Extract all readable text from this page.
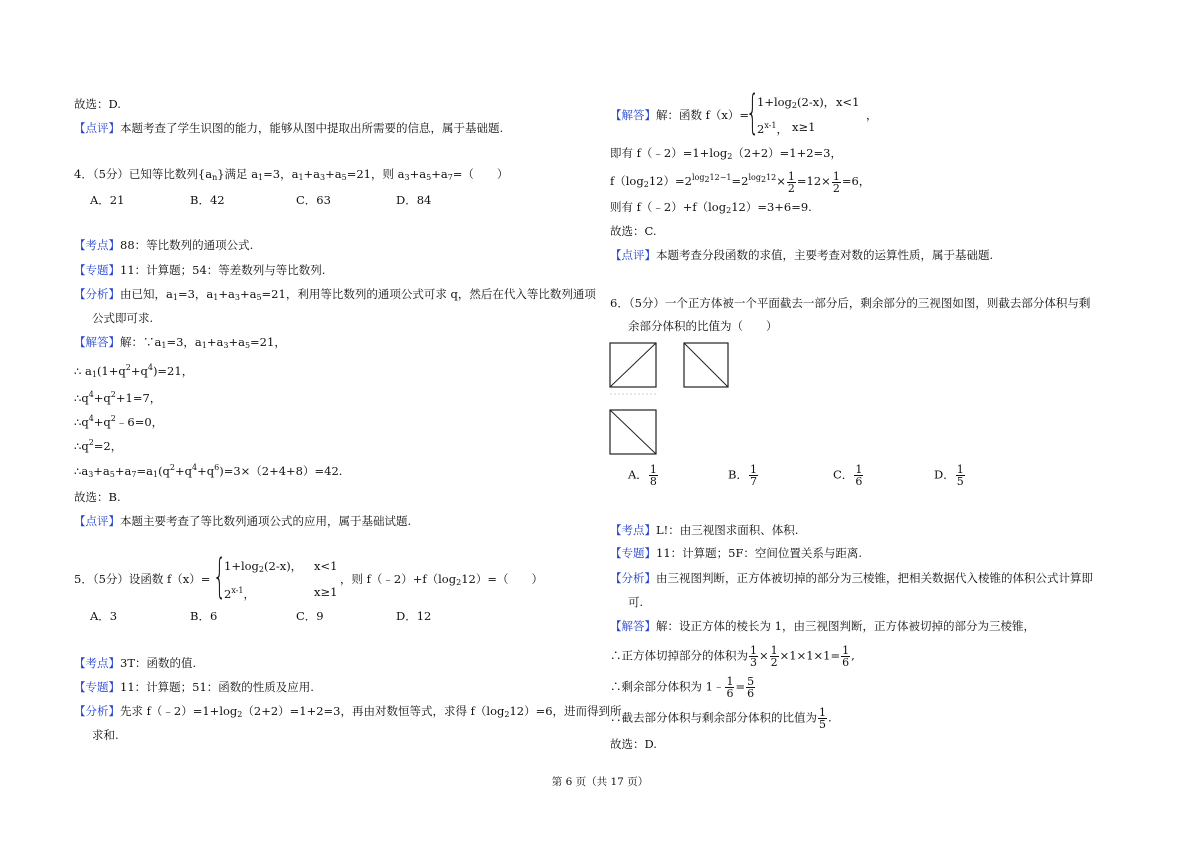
故选：D.
【点评】本题考查了学生识图的能力，能够从图中提取出所需要的信息，属于基础题.
4．（5分）已知等比数列$\{a_n\}$满足 $a_1=3$，$a_1+a_3+a_5=21$，则 $a_3+a_5+a_7=$（　　）
A．21	B．42	C．63	D．84
【考点】88：等比数列的通项公式.
【专题】11：计算题；54：等差数列与等比数列.
【分析】由已知，$a_1=3$，$a_1+a_3+a_5=21$，利用等比数列的通项公式可求 q，然后在代入等比数列通项
公式即可求.
【解答】解：$\because a_1=3$，$a_1+a_3+a_5=21$，
∴ $a_1(1+q^2+q^4)=21$，
$\therefore q^4+q^2+1=7$，
$\therefore q^4+q^2﹣6=0$，
$\therefore q^2=2$，
$\therefore a_3+a_5+a_7=a_1(q^2+q^4+q^6)=3\times(2+4+8)=42$.
故选：B.
【点评】本题主要考查了等比数列通项公式的应用，属于基础试题.
5．（5分）设函数 f（x）= {
$1+\log_2(2-x)$， x<1
2$^{x-1}$，	x≥1
，则 $f(﹣2)+f(\log_212)=$（　　）
A．3	B．6	C．9	D．12
【考点】3T：函数的值.
【专题】11：计算题；51：函数的性质及应用.
【分析】先求 $f(﹣2)=1+\log_2(2+2)=1+2=3$，再由对数恒等式，求得 $f(\log_212)=6$，进而得到所
求和.
【解答】解：函数 f（x）=
{
$1+\log_2(2-x)$， x<1
2$^{x-1}$， x≥1
，
即有 $f(﹣2)=1+\log_2(2+2)=1+2=3$，
$f(\log_212)=2^{log_212-1}=2^{log_212}\times \frac{1}{2} =12\times \frac{1}{2} =6$，
则有 $f(﹣2)+f(\log_212)=3+6=9$.
故选：C.
【点评】本题考查分段函数的求值，主要考查对数的运算性质，属于基础题.
6．（5分）一个正方体被一个平面截去一部分后，剩余部分的三视图如图，则截去部分体积与剩
余部分体积的比值为（　　）
A． $\frac{1}{8}$	B． $\frac{1}{7}$	C． $\frac{1}{6}$	D． $\frac{1}{5}$
【考点】L!：由三视图求面积、体积.
【专题】11：计算题；5F：空间位置关系与距离.
【分析】由三视图判断，正方体被切掉的部分为三棱锥，把相关数据代入棱锥的体积公式计算即
可.
【解答】解：设正方体的棱长为 1，由三视图判断，正方体被切掉的部分为三棱锥，
∴正方体切掉部分的体积为 $\frac{1}{3} \times \frac{1}{2} \times 1\times 1\times 1= \frac{1}{6}$ ,
∴剩余部分体积为 1﹣ $\frac{1}{6} = \frac{5}{6}$
∴截去部分体积与剩余部分体积的比值为 $\frac{1}{5}$ .
故选：D.
第 6 页（共 17 页）
